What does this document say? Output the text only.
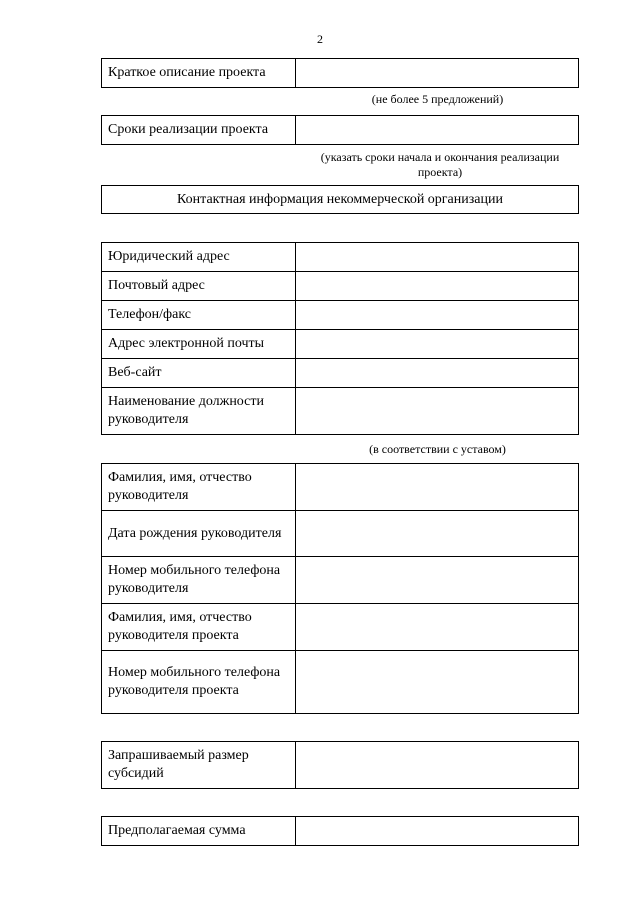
2
Краткое описание проекта	
(не более 5 предложений)
Сроки реализации проекта	
(указать сроки начала и окончания реализации
проекта)
Контактная информация некоммерческой организации
Юридический адрес	
Почтовый адрес	
Телефон/факс	
Адрес электронной почты	
Веб-сайт	
Наименование должности руководителя	
(в соответствии с уставом)
Фамилия, имя, отчество руководителя	
Дата рождения руководителя	
Номер мобильного телефона руководителя	
Фамилия, имя, отчество руководителя проекта	
Номер мобильного телефона руководителя проекта	
Запрашиваемый размер субсидий	
Предполагаемая сумма	
